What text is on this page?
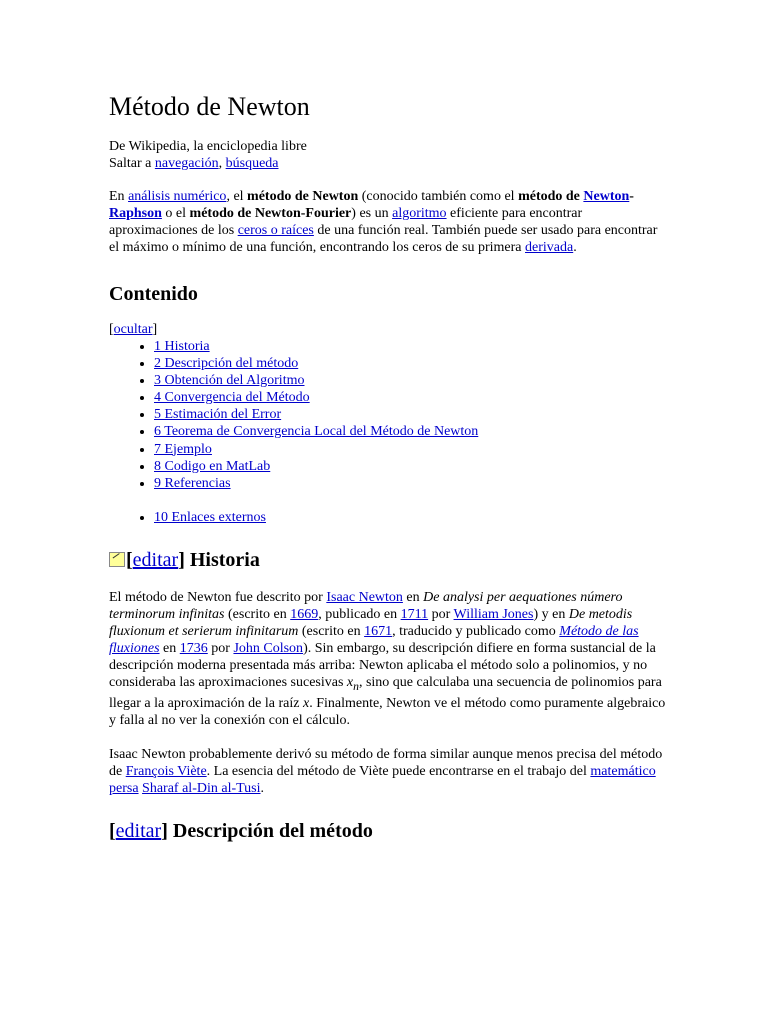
Método de Newton

De Wikipedia, la enciclopedia libre

Saltar a navegación, búsqueda

En análisis numérico, el método de Newton (conocido también como el método de Newton-Raphson o el método de Newton-Fourier) es un algoritmo eficiente para encontrar aproximaciones de los ceros o raíces de una función real. También puede ser usado para encontrar el máximo o mínimo de una función, encontrando los ceros de su primera derivada.

Contenido

[ocultar]

• 1 Historia
• 2 Descripción del método
• 3 Obtención del Algoritmo
• 4 Convergencia del Método
• 5 Estimación del Error
• 6 Teorema de Convergencia Local del Método de Newton
• 7 Ejemplo
• 8 Codigo en MatLab
• 9 Referencias
• 10 Enlaces externos
[editar] Historia

El método de Newton fue descrito por Isaac Newton en De analysi per aequationes número terminorum infinitas (escrito en 1669, publicado en 1711 por William Jones) y en De metodis fluxionum et serierum infinitarum (escrito en 1671, traducido y publicado como Método de las fluxiones en 1736 por John Colson). Sin embargo, su descripción difiere en forma sustancial de la descripción moderna presentada más arriba: Newton aplicaba el método solo a polinomios, y no consideraba las aproximaciones sucesivas $x_n$, sino que calculaba una secuencia de polinomios para llegar a la aproximación de la raíz x. Finalmente, Newton ve el método como puramente algebraico y falla al no ver la conexión con el cálculo.

Isaac Newton probablemente derivó su método de forma similar aunque menos precisa del método de François Viète. La esencia del método de Viète puede encontrarse en el trabajo del matemático persa Sharaf al-Din al-Tusi.

[editar] Descripción del método
